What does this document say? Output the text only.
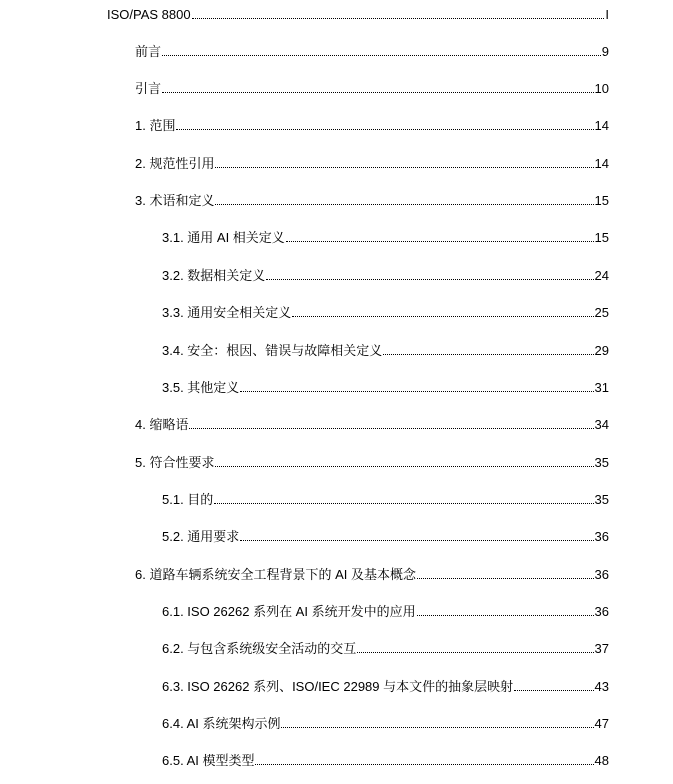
ISO/PAS 8800	I
前言	9
引言	10
1. 范围	14
2. 规范性引用	14
3. 术语和定义	15
3.1. 通用 AI 相关定义	15
3.2. 数据相关定义	24
3.3. 通用安全相关定义	25
3.4. 安全：根因、错误与故障相关定义	29
3.5. 其他定义	31
4. 缩略语	34
5. 符合性要求	35
5.1. 目的	35
5.2. 通用要求	36
6. 道路车辆系统安全工程背景下的 AI 及基本概念	36
6.1. ISO 26262 系列在 AI 系统开发中的应用	36
6.2. 与包含系统级安全活动的交互	37
6.3. ISO 26262 系列、ISO/IEC 22989 与本文件的抽象层映射	43
6.4. AI 系统架构示例	47
6.5. AI 模型类型	48
